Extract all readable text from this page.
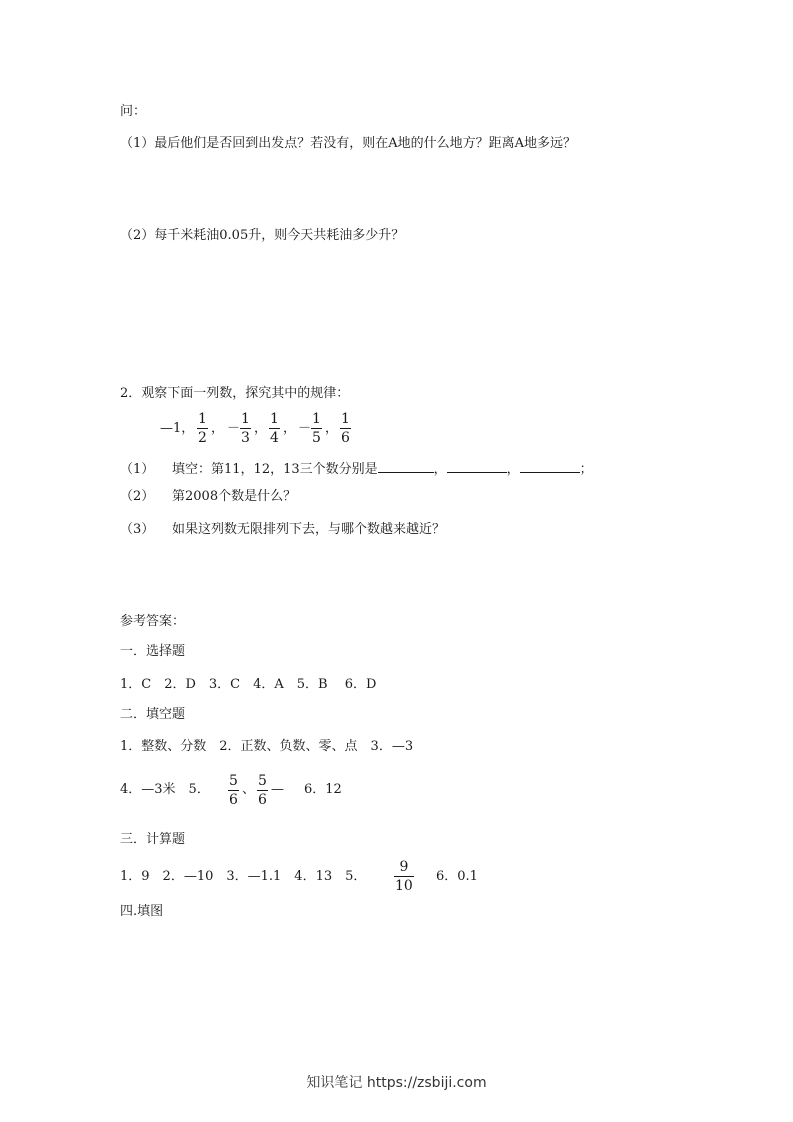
问：
（1）最后他们是否回到出发点？若没有，则在A地的什么地方？距离A地多远？
（2）每千米耗油0.05升，则今天共耗油多少升？
2．观察下面一列数，探究其中的规律：
—1，
1
2
， －
1
3
，
1
4
， －
1
5
，
1
6
（1） 填空：第11，12，13三个数分别是	，	，	；
（2） 第2008个数是什么？
（3） 如果这列数无限排列下去，与哪个数越来越近？
参考答案：
一．选择题
1．C　2．D　3．C　4．A　5．B　 6．D
二．填空题
1．整数、分数　2．正数、负数、零、点　3．—3
4．—3米　5．
5
6
、
5
6
— 6．12
三．计算题
1．9　2．—10　3．—1.1　4．13　5．
9
10
6．0.1
四.填图
知识笔记 https://zsbiji.com
